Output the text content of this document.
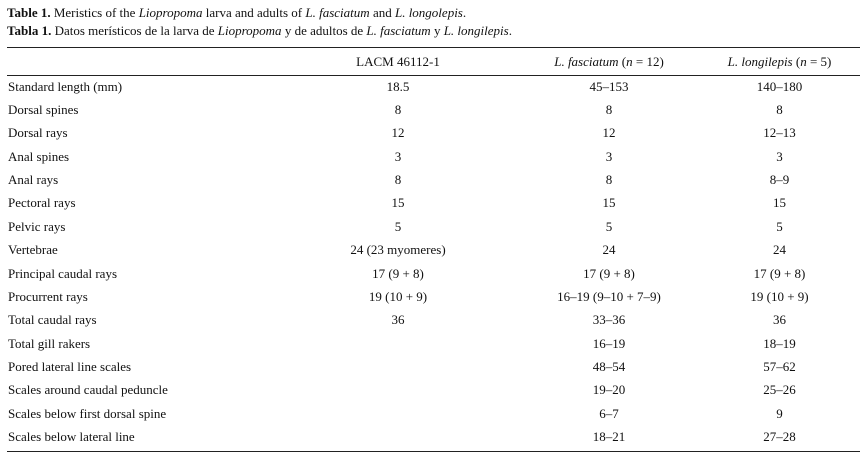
Table 1. Meristics of the Liopropoma larva and adults of L. fasciatum and L. longolepis.
Tabla 1. Datos merísticos de la larva de Liopropoma y de adultos de L. fasciatum y L. longilepis.
	LACM 46112-1	L. fasciatum (n = 12)	L. longilepis (n = 5)
Standard length (mm)	18.5	45–153	140–180
Dorsal spines	8	8	8
Dorsal rays	12	12	12–13
Anal spines	3	3	3
Anal rays	8	8	8–9
Pectoral rays	15	15	15
Pelvic rays	5	5	5
Vertebrae	24 (23 myomeres)	24	24
Principal caudal rays	17 (9 + 8)	17 (9 + 8)	17 (9 + 8)
Procurrent rays	19 (10 + 9)	16–19 (9–10 + 7–9)	19 (10 + 9)
Total caudal rays	36	33–36	36
Total gill rakers		16–19	18–19
Pored lateral line scales		48–54	57–62
Scales around caudal peduncle		19–20	25–26
Scales below first dorsal spine		6–7	9
Scales below lateral line		18–21	27–28
